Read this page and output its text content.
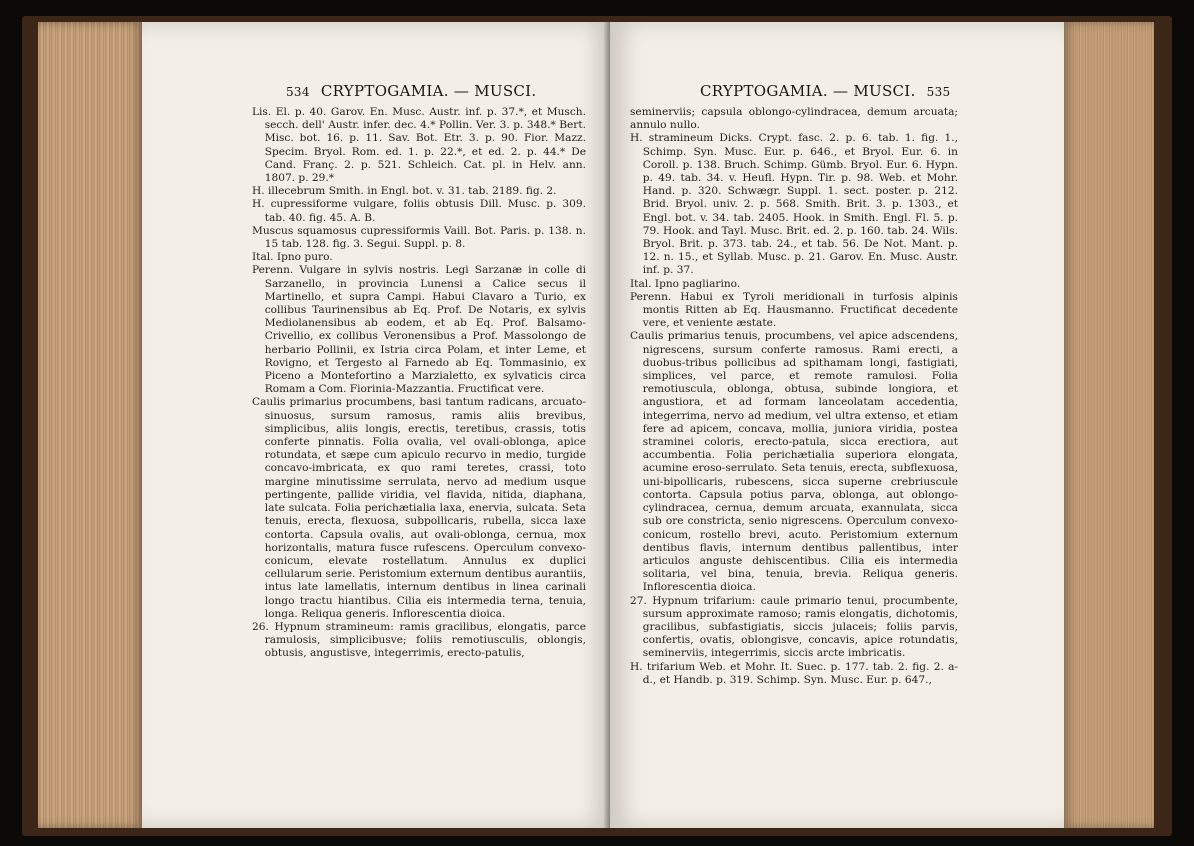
534 CRYPTOGAMIA. — MUSCI.

Lis. El. p. 40. Garov. En. Musc. Austr. inf. p. 37.*, et Musch. secch. dell' Austr. infer. dec. 4.* Pollin. Ver. 3. p. 348.* Bert. Misc. bot. 16. p. 11. Sav. Bot. Etr. 3. p. 90. Fior. Mazz. Specim. Bryol. Rom. ed. 1. p. 22.*, et ed. 2. p. 44.* De Cand. Franç. 2. p. 521. Schleich. Cat. pl. in Helv. ann. 1807. p. 29.*

H. illecebrum Smith. in Engl. bot. v. 31. tab. 2189. fig. 2.

H. cupressiforme vulgare, foliis obtusis Dill. Musc. p. 309. tab. 40. fig. 45. A. B.

Muscus squamosus cupressiformis Vaill. Bot. Paris. p. 138. n. 15 tab. 128. fig. 3. Segui. Suppl. p. 8.

Ital. Ipno puro.

Perenn. Vulgare in sylvis nostris. Legi Sarzanæ in colle di Sarzanello, in provincia Lunensi a Calice secus il Martinello, et supra Campi. Habui Clavaro a Turio, ex collibus Taurinensibus ab Eq. Prof. De Notaris, ex sylvis Mediolanensibus ab eodem, et ab Eq. Prof. Balsamo-Crivellio, ex collibus Veronensibus a Prof. Massolongo de herbario Pollinii, ex Istria circa Polam, et inter Leme, et Rovigno, et Tergesto al Farnedo ab Eq. Tommasinio, ex Piceno a Montefortino a Marzialetto, ex sylvaticis circa Romam a Com. Fiorinia-Mazzantia. Fructificat vere.

Caulis primarius procumbens, basi tantum radicans, arcuato-sinuosus, sursum ramosus, ramis aliis brevibus, simplicibus, aliis longis, erectis, teretibus, crassis, totis conferte pinnatis. Folia ovalia, vel ovali-oblonga, apice rotundata, et sæpe cum apiculo recurvo in medio, turgide concavo-imbricata, ex quo rami teretes, crassi, toto margine minutissime serrulata, nervo ad medium usque pertingente, pallide viridia, vel flavida, nitida, diaphana, late sulcata. Folia perichætialia laxa, enervia, sulcata. Seta tenuis, erecta, flexuosa, subpollicaris, rubella, sicca laxe contorta. Capsula ovalis, aut ovali-oblonga, cernua, mox horizontalis, matura fusce rufescens. Operculum convexo-conicum, elevate rostellatum. Annulus ex duplici cellularum serie. Peristomium externum dentibus aurantiis, intus late lamellatis, internum dentibus in linea carinali longo tractu hiantibus. Cilia eis intermedia terna, tenuia, longa. Reliqua generis. Inflorescentia dioica.

26. Hypnum stramineum: ramis gracilibus, elongatis, parce ramulosis, simplicibusve; foliis remotiusculis, oblongis, obtusis, angustisve, integerrimis, erecto-patulis,

CRYPTOGAMIA. — MUSCI. 535

seminerviis; capsula oblongo-cylindracea, demum arcuata; annulo nullo.

H. stramineum Dicks. Crypt. fasc. 2. p. 6. tab. 1. fig. 1., Schimp. Syn. Musc. Eur. p. 646., et Bryol. Eur. 6. in Coroll. p. 138. Bruch. Schimp. Gümb. Bryol. Eur. 6. Hypn. p. 49. tab. 34. v. Heufl. Hypn. Tir. p. 98. Web. et Mohr. Hand. p. 320. Schwægr. Suppl. 1. sect. poster. p. 212. Brid. Bryol. univ. 2. p. 568. Smith. Brit. 3. p. 1303., et Engl. bot. v. 34. tab. 2405. Hook. in Smith. Engl. Fl. 5. p. 79. Hook. and Tayl. Musc. Brit. ed. 2. p. 160. tab. 24. Wils. Bryol. Brit. p. 373. tab. 24., et tab. 56. De Not. Mant. p. 12. n. 15., et Syllab. Musc. p. 21. Garov. En. Musc. Austr. inf. p. 37.

Ital. Ipno pagliarino.

Perenn. Habui ex Tyroli meridionali in turfosis alpinis montis Ritten ab Eq. Hausmanno. Fructificat decedente vere, et veniente æstate.

Caulis primarius tenuis, procumbens, vel apice adscendens, nigrescens, sursum conferte ramosus. Rami erecti, a duobus-tribus pollicibus ad spithamam longi, fastigiati, simplices, vel parce, et remote ramulosi. Folia remotiuscula, oblonga, obtusa, subinde longiora, et angustiora, et ad formam lanceolatam accedentia, integerrima, nervo ad medium, vel ultra extenso, et etiam fere ad apicem, concava, mollia, juniora viridia, postea straminei coloris, erecto-patula, sicca erectiora, aut accumbentia. Folia perichætialia superiora elongata, acumine eroso-serrulato. Seta tenuis, erecta, subflexuosa, uni-bipollicaris, rubescens, sicca superne crebriuscule contorta. Capsula potius parva, oblonga, aut oblongo-cylindracea, cernua, demum arcuata, exannulata, sicca sub ore constricta, senio nigrescens. Operculum convexo-conicum, rostello brevi, acuto. Peristomium externum dentibus flavis, internum dentibus pallentibus, inter articulos anguste dehiscentibus. Cilia eis intermedia solitaria, vel bina, tenuia, brevia. Reliqua generis. Inflorescentia dioica.

27. Hypnum trifarium: caule primario tenui, procumbente, sursum approximate ramoso; ramis elongatis, dichotomis, gracilibus, subfastigiatis, siccis julaceis; foliis parvis, confertis, ovatis, oblongisve, concavis, apice rotundatis, seminerviis, integerrimis, siccis arcte imbricatis.

H. trifarium Web. et Mohr. It. Suec. p. 177. tab. 2. fig. 2. a-d., et Handb. p. 319. Schimp. Syn. Musc. Eur. p. 647.,
